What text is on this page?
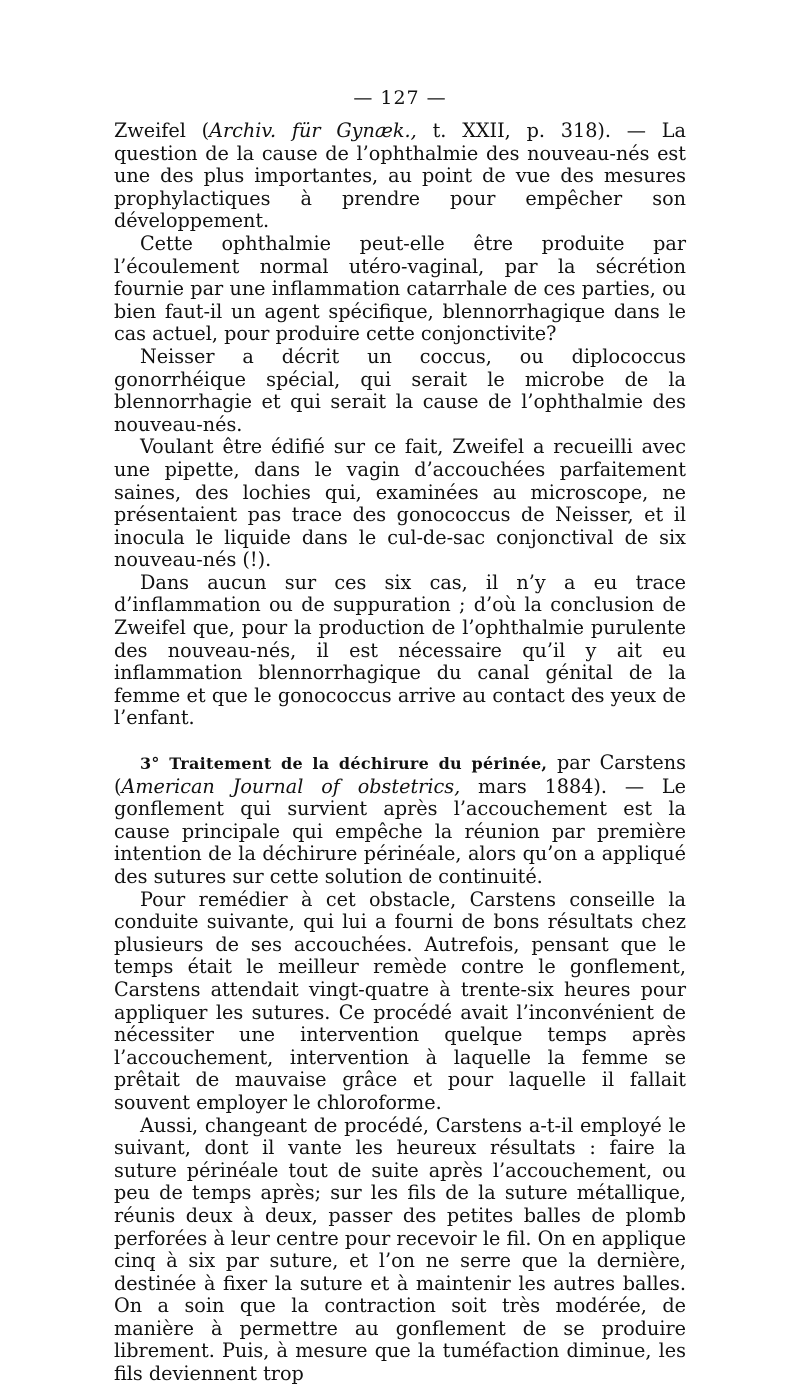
— 127 —

Zweifel (Archiv. für Gynæk., t. XXII, p. 318). — La question de la cause de l’ophthalmie des nouveau-nés est une des plus importantes, au point de vue des mesures prophylactiques à prendre pour empêcher son développement.

Cette ophthalmie peut-elle être produite par l’écoulement normal utéro-vaginal, par la sécrétion fournie par une inflammation catarrhale de ces parties, ou bien faut-il un agent spécifique, blennorrhagique dans le cas actuel, pour produire cette conjonctivite?

Neisser a décrit un coccus, ou diplococcus gonorrhéique spécial, qui serait le microbe de la blennorrhagie et qui serait la cause de l’ophthalmie des nouveau-nés.

Voulant être édifié sur ce fait, Zweifel a recueilli avec une pipette, dans le vagin d’accouchées parfaitement saines, des lochies qui, examinées au microscope, ne présentaient pas trace des gonococcus de Neisser, et il inocula le liquide dans le cul-de-sac conjonctival de six nouveau-nés (!).

Dans aucun sur ces six cas, il n’y a eu trace d’inflammation ou de suppuration ; d’où la conclusion de Zweifel que, pour la production de l’ophthalmie purulente des nouveau-nés, il est nécessaire qu’il y ait eu inflammation blennorrhagique du canal génital de la femme et que le gonococcus arrive au contact des yeux de l’enfant.

3° Traitement de la déchirure du périnée, par Carstens (American Journal of obstetrics, mars 1884). — Le gonflement qui survient après l’accouchement est la cause principale qui empêche la réunion par première intention de la déchirure périnéale, alors qu’on a appliqué des sutures sur cette solution de continuité.

Pour remédier à cet obstacle, Carstens conseille la conduite suivante, qui lui a fourni de bons résultats chez plusieurs de ses accouchées. Autrefois, pensant que le temps était le meilleur remède contre le gonflement, Carstens attendait vingt-quatre à trente-six heures pour appliquer les sutures. Ce procédé avait l’inconvénient de nécessiter une intervention quelque temps après l’accouchement, intervention à laquelle la femme se prêtait de mauvaise grâce et pour laquelle il fallait souvent employer le chloroforme.

Aussi, changeant de procédé, Carstens a-t-il employé le suivant, dont il vante les heureux résultats : faire la suture périnéale tout de suite après l’accouchement, ou peu de temps après; sur les fils de la suture métallique, réunis deux à deux, passer des petites balles de plomb perforées à leur centre pour recevoir le fil. On en applique cinq à six par suture, et l’on ne serre que la dernière, destinée à fixer la suture et à maintenir les autres balles. On a soin que la contraction soit très modérée, de manière à permettre au gonflement de se produire librement. Puis, à mesure que la tuméfaction diminue, les fils deviennent trop
